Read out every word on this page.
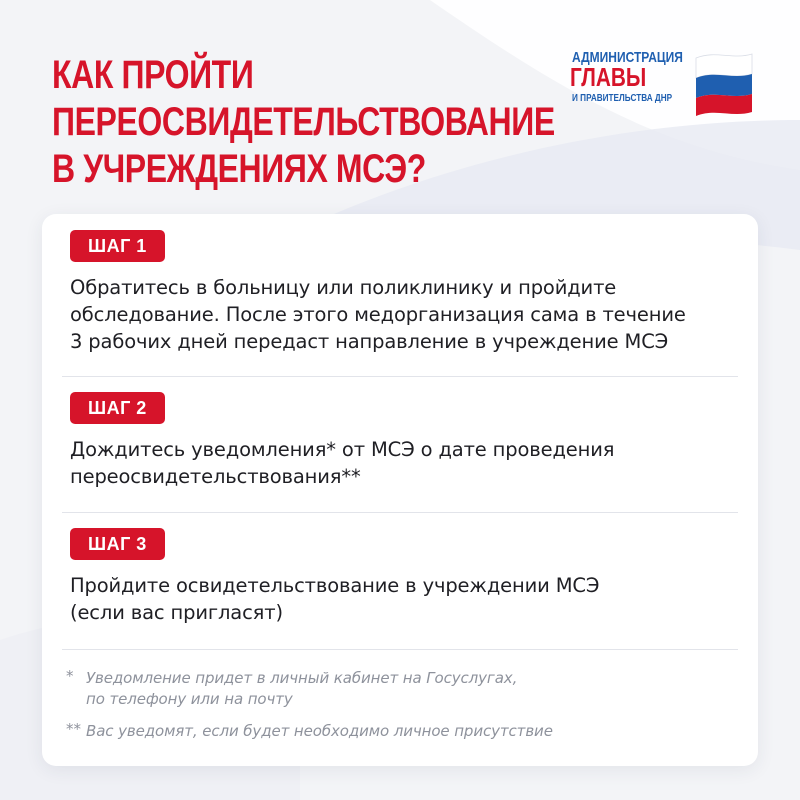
КАК ПРОЙТИ
ПЕРЕОСВИДЕТЕЛЬСТВОВАНИЕ
В УЧРЕЖДЕНИЯХ МСЭ?
АДМИНИСТРАЦИЯ
ГЛАВЫ
И ПРАВИТЕЛЬСТВА ДНР
ШАГ 1
Обратитесь в больницу или поликлинику и пройдите
обследование. После этого медорганизация сама в течение
3 рабочих дней передаст направление в учреждение МСЭ
ШАГ 2
Дождитесь уведомления* от МСЭ о дате проведения
переосвидетельствования**
ШАГ 3
Пройдите освидетельствование в учреждении МСЭ
(если вас пригласят)
* Уведомление придет в личный кабинет на Госуслугах,
по телефону или на почту
** Вас уведомят, если будет необходимо личное присутствие
